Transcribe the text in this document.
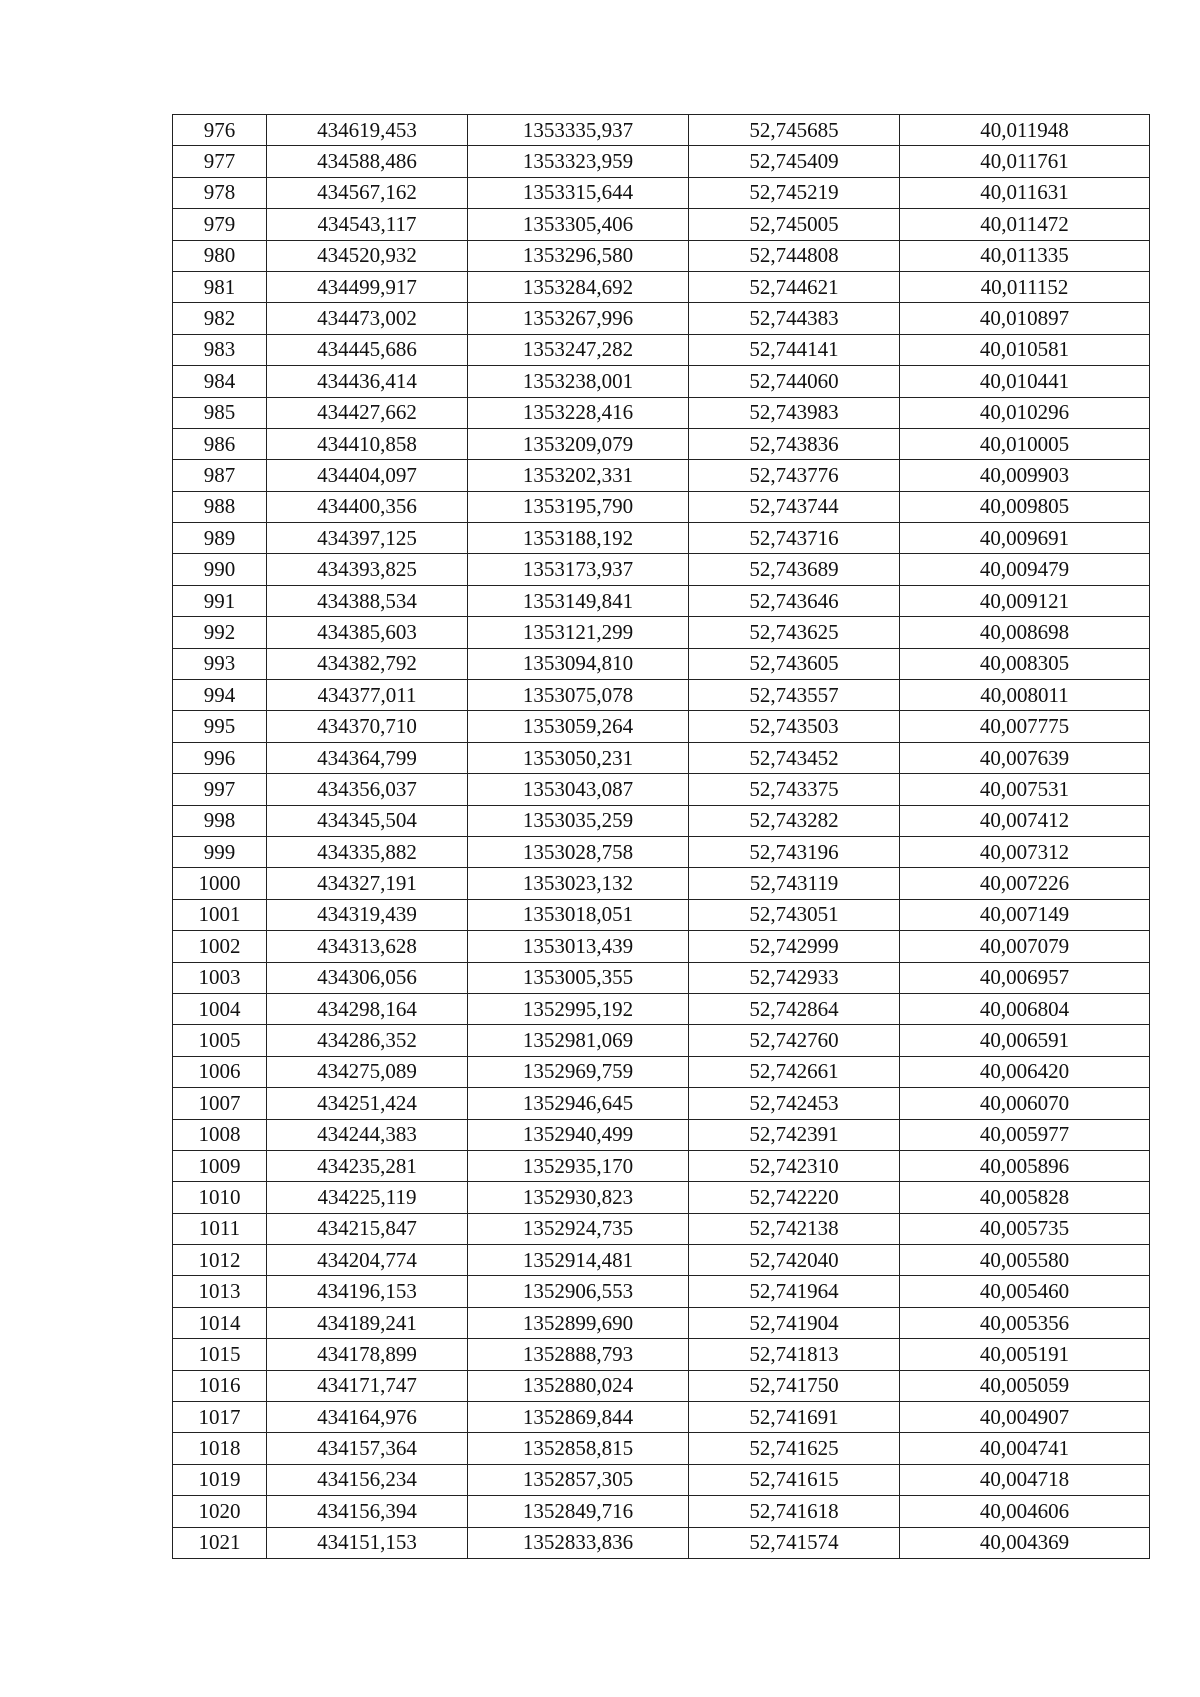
976	434619,453	1353335,937	52,745685	40,011948
977	434588,486	1353323,959	52,745409	40,011761
978	434567,162	1353315,644	52,745219	40,011631
979	434543,117	1353305,406	52,745005	40,011472
980	434520,932	1353296,580	52,744808	40,011335
981	434499,917	1353284,692	52,744621	40,011152
982	434473,002	1353267,996	52,744383	40,010897
983	434445,686	1353247,282	52,744141	40,010581
984	434436,414	1353238,001	52,744060	40,010441
985	434427,662	1353228,416	52,743983	40,010296
986	434410,858	1353209,079	52,743836	40,010005
987	434404,097	1353202,331	52,743776	40,009903
988	434400,356	1353195,790	52,743744	40,009805
989	434397,125	1353188,192	52,743716	40,009691
990	434393,825	1353173,937	52,743689	40,009479
991	434388,534	1353149,841	52,743646	40,009121
992	434385,603	1353121,299	52,743625	40,008698
993	434382,792	1353094,810	52,743605	40,008305
994	434377,011	1353075,078	52,743557	40,008011
995	434370,710	1353059,264	52,743503	40,007775
996	434364,799	1353050,231	52,743452	40,007639
997	434356,037	1353043,087	52,743375	40,007531
998	434345,504	1353035,259	52,743282	40,007412
999	434335,882	1353028,758	52,743196	40,007312
1000	434327,191	1353023,132	52,743119	40,007226
1001	434319,439	1353018,051	52,743051	40,007149
1002	434313,628	1353013,439	52,742999	40,007079
1003	434306,056	1353005,355	52,742933	40,006957
1004	434298,164	1352995,192	52,742864	40,006804
1005	434286,352	1352981,069	52,742760	40,006591
1006	434275,089	1352969,759	52,742661	40,006420
1007	434251,424	1352946,645	52,742453	40,006070
1008	434244,383	1352940,499	52,742391	40,005977
1009	434235,281	1352935,170	52,742310	40,005896
1010	434225,119	1352930,823	52,742220	40,005828
1011	434215,847	1352924,735	52,742138	40,005735
1012	434204,774	1352914,481	52,742040	40,005580
1013	434196,153	1352906,553	52,741964	40,005460
1014	434189,241	1352899,690	52,741904	40,005356
1015	434178,899	1352888,793	52,741813	40,005191
1016	434171,747	1352880,024	52,741750	40,005059
1017	434164,976	1352869,844	52,741691	40,004907
1018	434157,364	1352858,815	52,741625	40,004741
1019	434156,234	1352857,305	52,741615	40,004718
1020	434156,394	1352849,716	52,741618	40,004606
1021	434151,153	1352833,836	52,741574	40,004369
